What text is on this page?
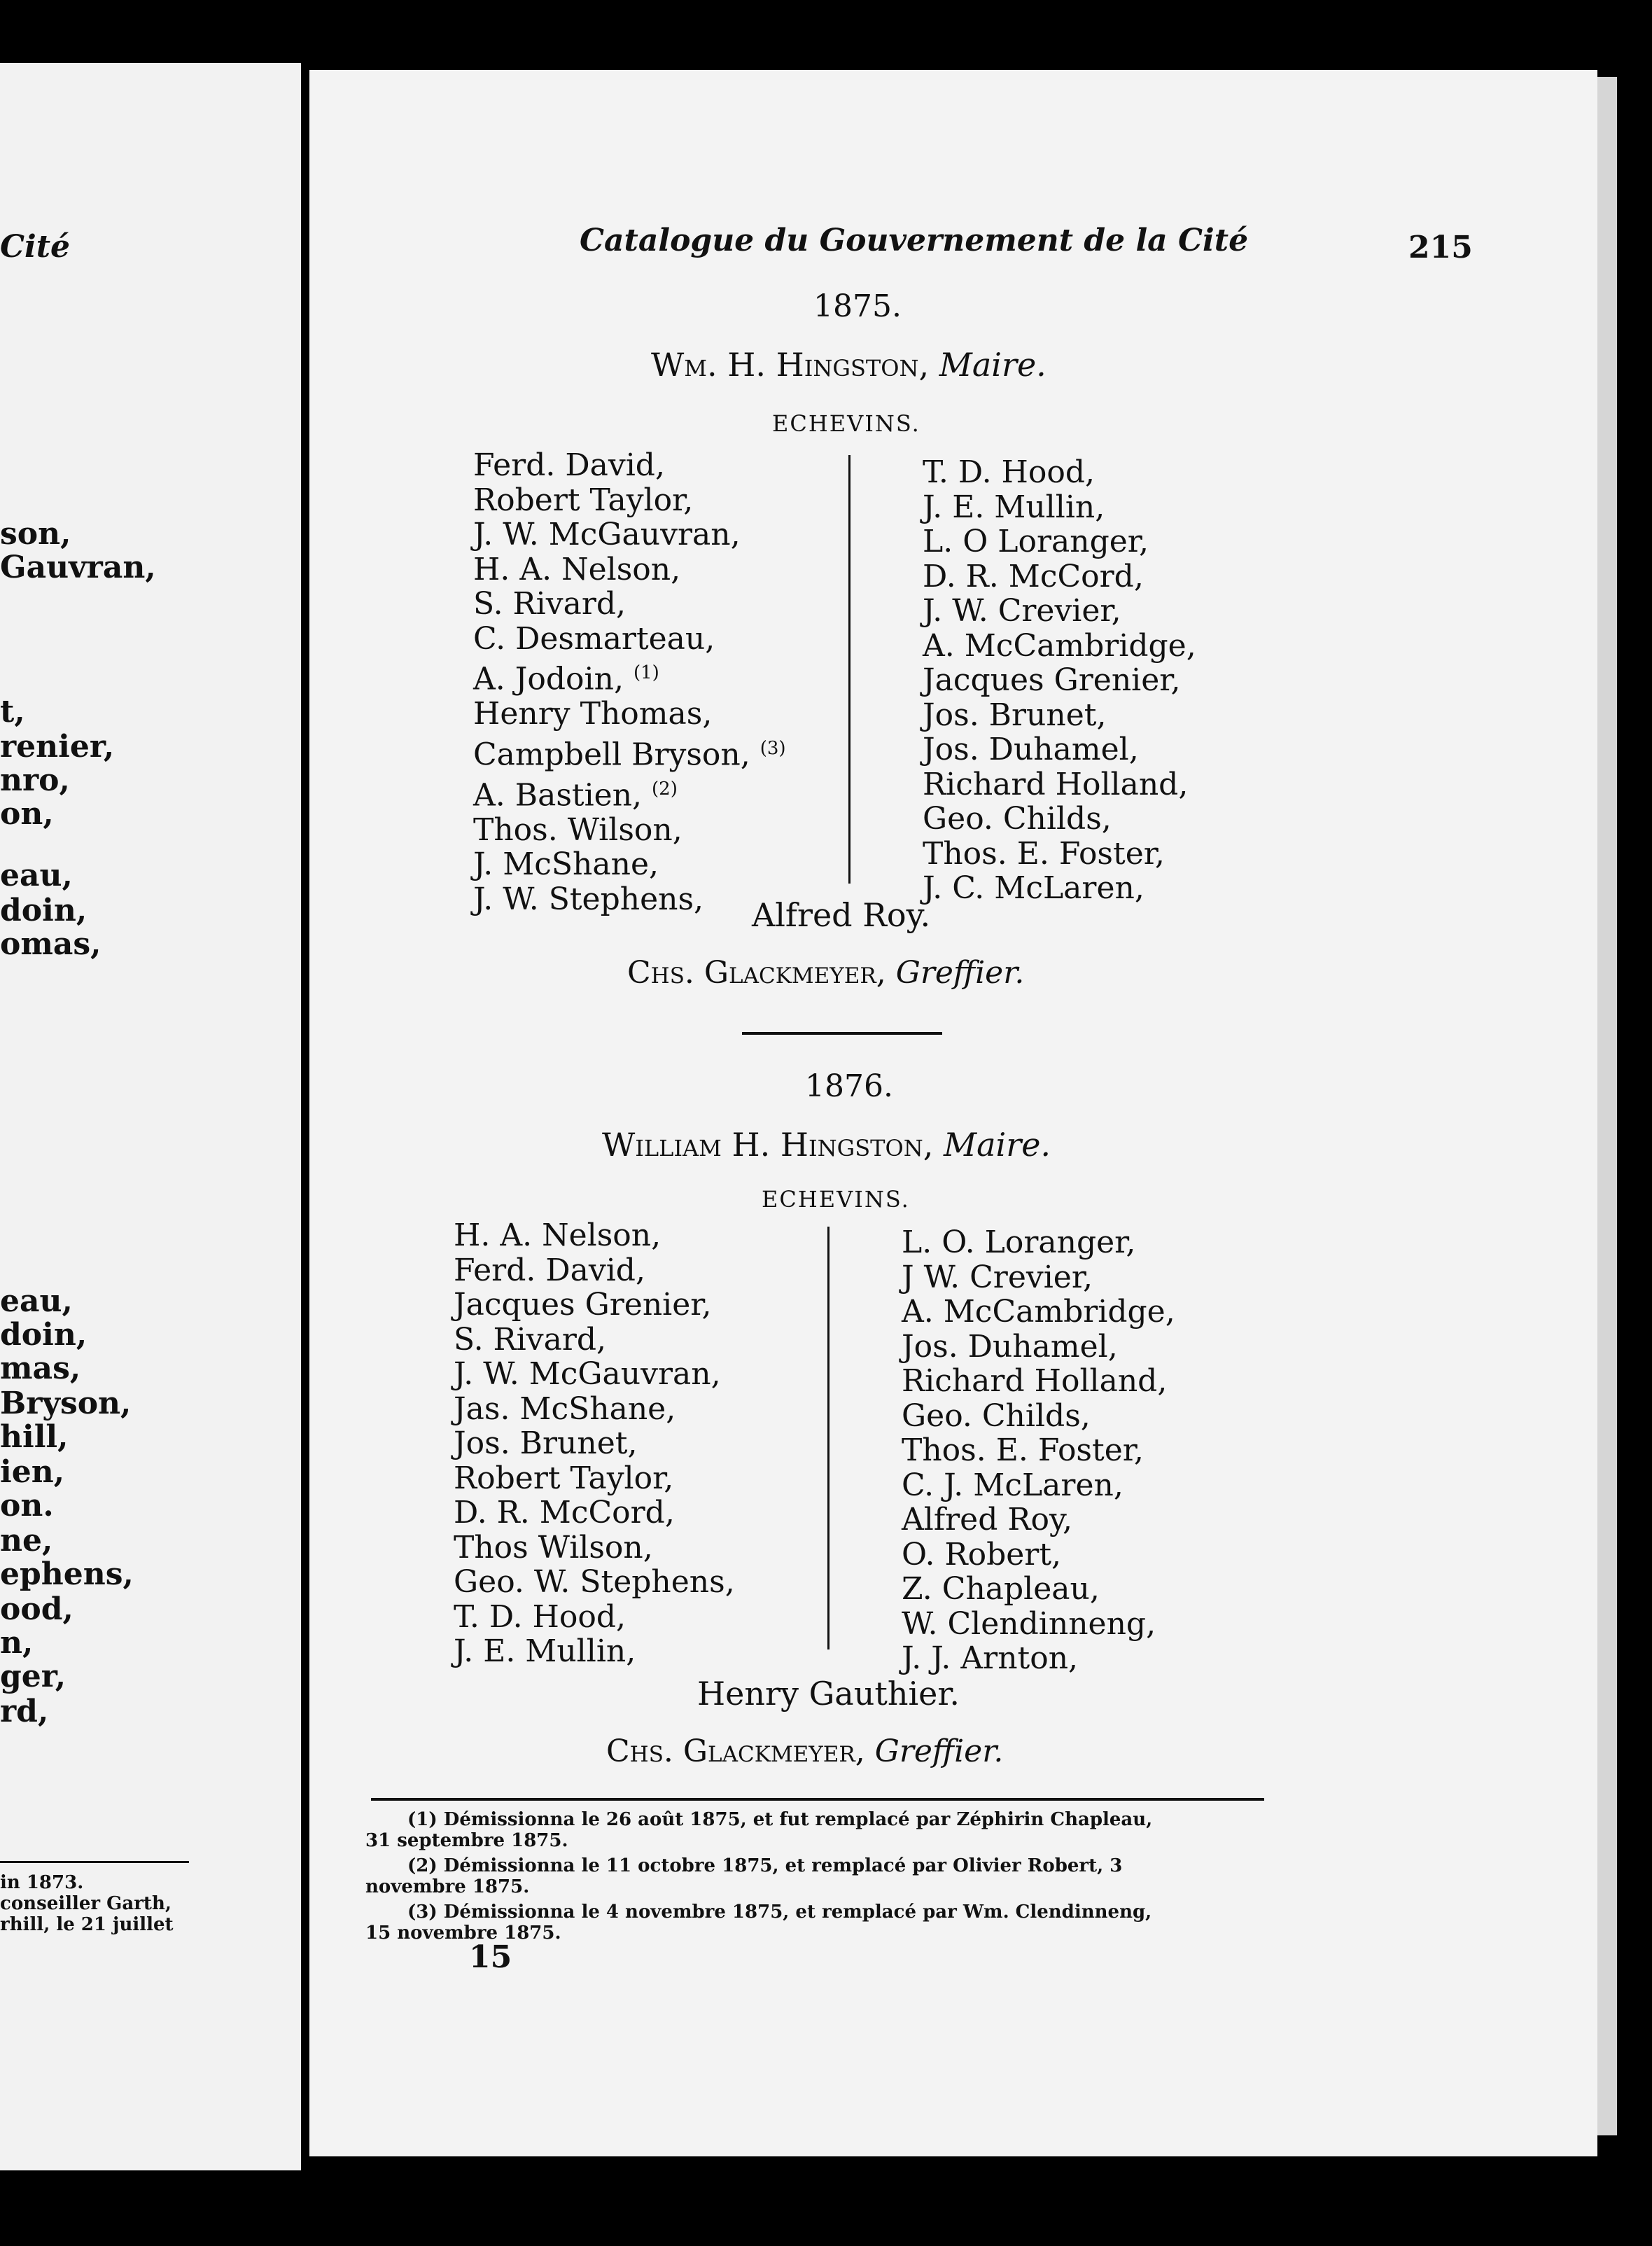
Cité
son,
Gauvran,
t,
renier,
nro,
on,
eau,
doin,
omas,
eau,
doin,
mas,
Bryson,
hill,
ien,
on.
ne,
ephens,
ood,
n,
ger,
rd,
in 1873.
conseiller Garth,
rhill, le 21 juillet
Catalogue du Gouvernement de la Cité	215
1875.
Wm. H. Hingston, Maire.
ECHEVINS.
Ferd. David,
Robert Taylor,
J. W. McGauvran,
H. A. Nelson,
S. Rivard,
C. Desmarteau,
A. Jodoin, $^{(1)}$
Henry Thomas,
Campbell Bryson, $^{(3)}$
A. Bastien, $^{(2)}$
Thos. Wilson,
J. McShane,
J. W. Stephens,
T. D. Hood,
J. E. Mullin,
L. O Loranger,
D. R. McCord,
J. W. Crevier,
A. McCambridge,
Jacques Grenier,
Jos. Brunet,
Jos. Duhamel,
Richard Holland,
Geo. Childs,
Thos. E. Foster,
J. C. McLaren,
Alfred Roy.
Chs. Glackmeyer, Greffier.
1876.
William H. Hingston, Maire.
ECHEVINS.
H. A. Nelson,
Ferd. David,
Jacques Grenier,
S. Rivard,
J. W. McGauvran,
Jas. McShane,
Jos. Brunet,
Robert Taylor,
D. R. McCord,
Thos Wilson,
Geo. W. Stephens,
T. D. Hood,
J. E. Mullin,
L. O. Loranger,
J W. Crevier,
A. McCambridge,
Jos. Duhamel,
Richard Holland,
Geo. Childs,
Thos. E. Foster,
C. J. McLaren,
Alfred Roy,
O. Robert,
Z. Chapleau,
W. Clendinneng,
J. J. Arnton,
Henry Gauthier.
Chs. Glackmeyer, Greffier.
(1) Démissionna le 26 août 1875, et fut remplacé par Zéphirin Chapleau,
31 septembre 1875.
(2) Démissionna le 11 octobre 1875, et remplacé par Olivier Robert, 3
novembre 1875.
(3) Démissionna le 4 novembre 1875, et remplacé par Wm. Clendinneng,
15 novembre 1875.
15
